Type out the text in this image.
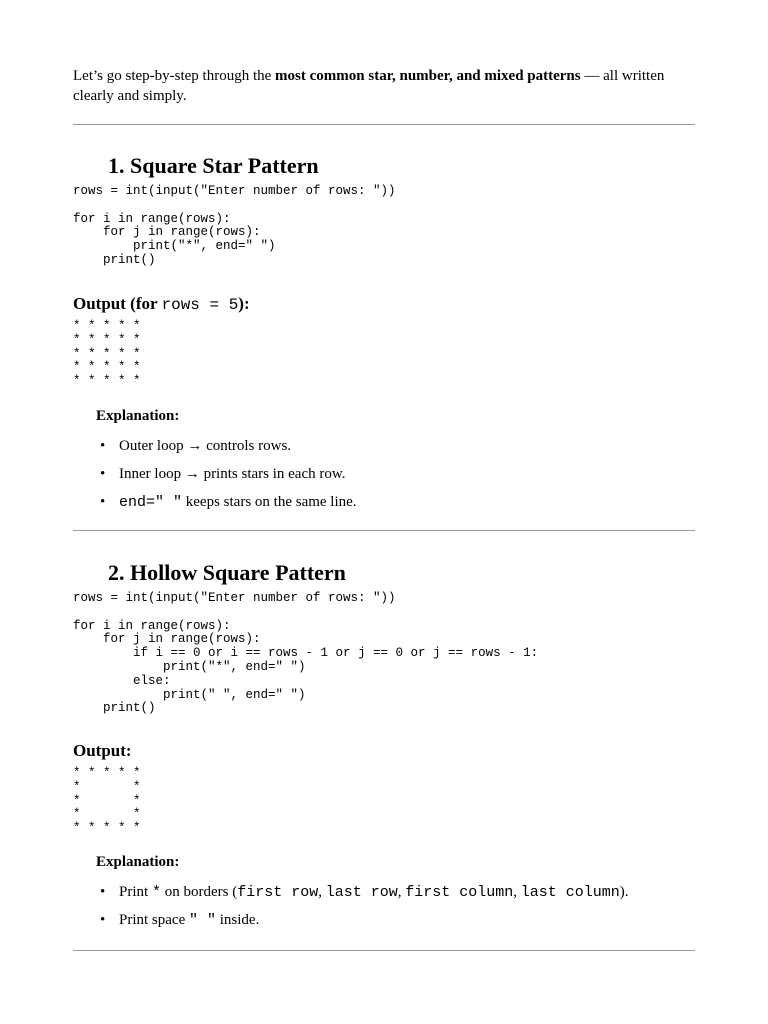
Let’s go step-by-step through the most common star, number, and mixed patterns — all written clearly and simply.

1. Square Star Pattern
rows = int(input("Enter number of rows: "))

for i in range(rows):
for j in range(rows):
print("*", end=" ")
print()
Output (for rows = 5):
* * * * *
* * * * *
* * * * *
* * * * *
* * * * *

Explanation:

• Outer loop → controls rows.
• Inner loop → prints stars in each row.
• end=" " keeps stars on the same line.
2. Hollow Square Pattern
rows = int(input("Enter number of rows: "))

for i in range(rows):
for j in range(rows):
if i == 0 or i == rows - 1 or j == 0 or j == rows - 1:
print("*", end=" ")
else:
print(" ", end=" ")
print()
Output:
* * * * *
*       *
*       *
*       *
* * * * *

Explanation:

• Print * on borders (first row, last row, first column, last column).
• Print space " " inside.
